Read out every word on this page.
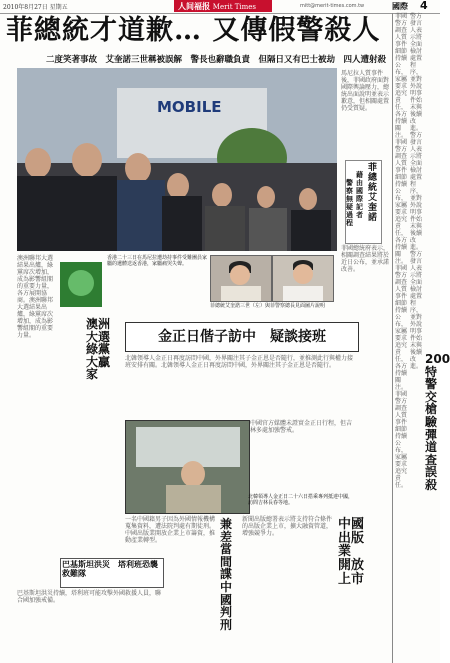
2010年8月27日 星期五	人间福报 Merit Times	mitt@merit-times.com.tw	國際 4
菲總統才道歉… 又傳假警殺人
二度笑著事故　艾奎諾三世稱被誤解　警長也辭職負責　但隔日又有巴士被劫　四人遭射殺
MOBILE
菲國警方調查人質事件細節持續公布，家屬要求追究責任，各方持續關注。菲國警方調查人質事件細節持續公布，家屬要求追究責任，各方持續關注。菲國警方調查人質事件細節持續公布，家屬要求追究責任，各方持續關注。菲國警方調查人質事件細節持續公布，家屬要求追究責任。
警方發言人表示將全面檢討處置程序，並對外說明事件始末與後續改進。警方發言人表示將全面檢討處置程序，並對外說明事件始末與後續改進。警方發言人表示將全面檢討處置程序，並對外說明事件始末與後續改進。
200特警交槍　驗彈道查誤殺
菲總統艾奎諾
藉由國際記者
警察無疑過程
馬尼拉人質事件後，菲國政府面對國際輿論壓力，總統出面說明並表示歉意，但相關處置仍受質疑。
菲國總統府表示，相關調查結果將於近日公布，並承諾改善。
香港二十三日在馬尼拉遭劫持事件受難團員家屬的遺體送返香港，家屬痛哭失聲。
菲總統艾奎諾三世（左）與菲警察總長見面圖片說明
澳洲聯邦大選結果出爐，綠黨席次增加，成為影響組閣的重要力量，各方展開協商。澳洲聯邦大選結果出爐，綠黨席次增加，成為影響組閣的重要力量。
澳洲大選　綠黨大贏家
金正日偕子訪中　疑談接班
北韓領導人金正日再度訪問中國，外界關注其子金正恩是否隨行，並推測此行與權力接班安排有關。北韓領導人金正日再度訪問中國，外界關注其子金正恩是否隨行。
中國官方媒體未證實金正日行程，但吉林多處加強警戒。
北韓領導人金正日二十六日搭乘專列抵達中國，訪問吉林長春等地。
兼差當間諜　中國判刑
中國出版業　開放上市
一名中國籍男子因為外國情報機構蒐集資料，遭法院判處有期徒刑。中國出版業開放企業上市籌資，推動產業轉型。
新聞出版總署表示將支持符合條件的出版企業上市，擴大融資管道，增強競爭力。
巴基斯坦洪災　塔利班恐襲救難隊
巴基斯坦洪災持續，塔利班可能攻擊外國救援人員，聯合國加強戒備。
